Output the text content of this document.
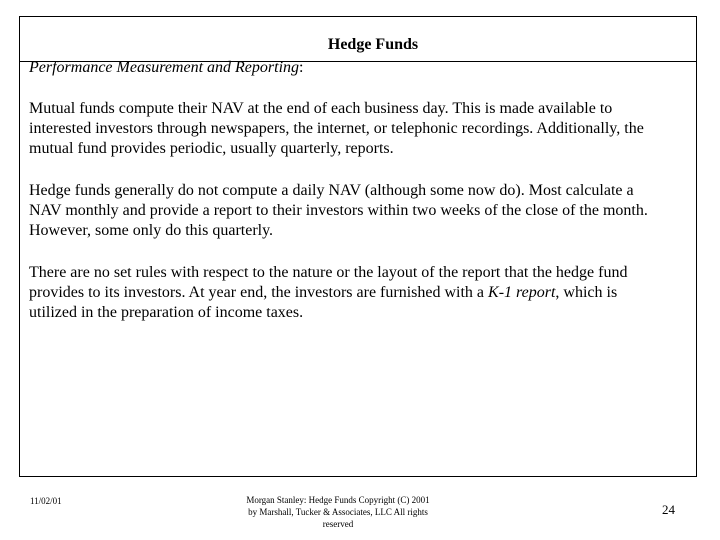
Hedge Funds

Performance Measurement and Reporting:

Mutual funds compute their NAV at the end of each business day. This is made available to interested investors through newspapers, the internet, or telephonic recordings. Additionally, the mutual fund provides periodic, usually quarterly, reports.

Hedge funds generally do not compute a daily NAV (although some now do). Most calculate a NAV monthly and provide a report to their investors within two weeks of the close of the month. However, some only do this quarterly.

There are no set rules with respect to the nature or the layout of the report that the hedge fund provides to its investors. At year end, the investors are furnished with a K-1 report, which is utilized in the preparation of income taxes.

11/02/01	Morgan Stanley: Hedge Funds Copyright (C) 2001
by Marshall, Tucker & Associates, LLC All rights
reserved
24
